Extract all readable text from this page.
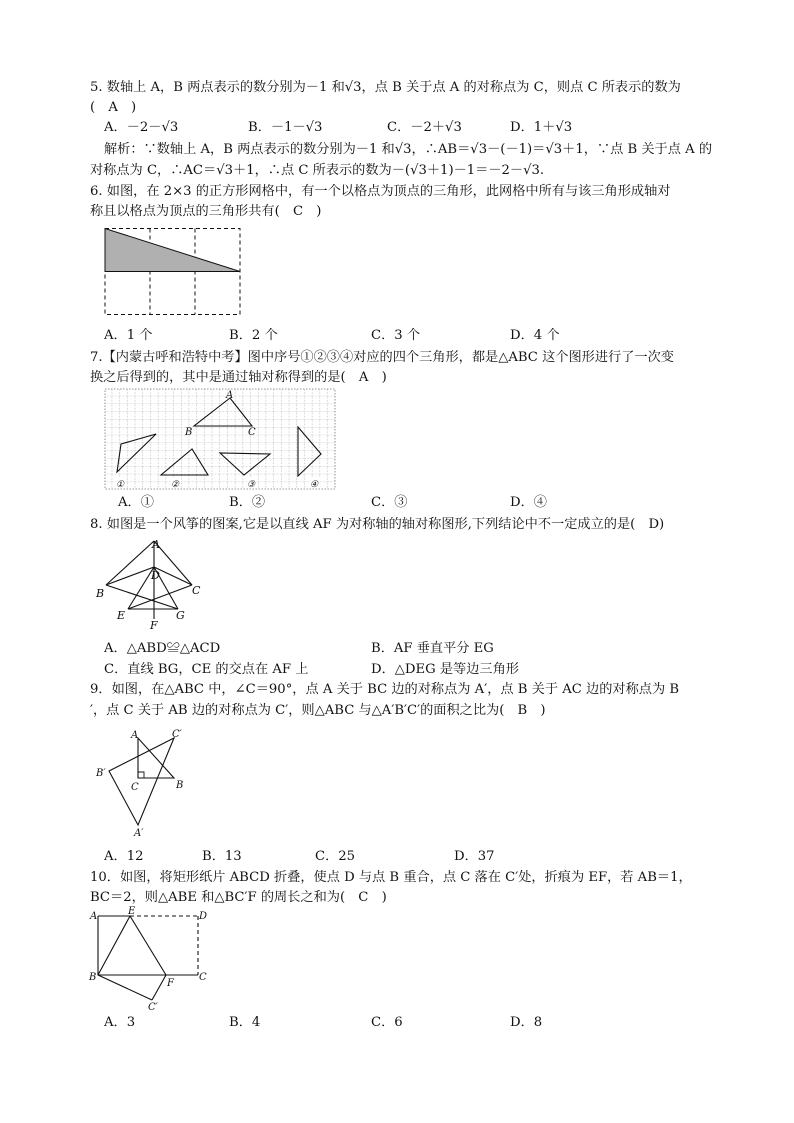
5. 数轴上 A，B 两点表示的数分别为－1 和√3，点 B 关于点 A 的对称点为 C，则点 C 所表示的数为
(　A　)
A．－2－√3	B．－1－√3	C．－2＋√3	D．1＋√3
解析：∵数轴上 A，B 两点表示的数分别为－1 和√3，∴AB＝√3－(－1)＝√3＋1，∵点 B 关于点 A 的
对称点为 C，∴AC＝√3＋1，∴点 C 所表示的数为－(√3＋1)－1＝－2－√3.
6. 如图，在 2×3 的正方形网格中，有一个以格点为顶点的三角形，此网格中所有与该三角形成轴对
称且以格点为顶点的三角形共有(　C　)
A．1 个	B．2 个	C．3 个	D．4 个
7.【内蒙古呼和浩特中考】图中序号①②③④对应的四个三角形，都是△ABC 这个图形进行了一次变
换之后得到的，其中是通过轴对称得到的是(　A　)
A
B	C
①	②	③	④
A．①	B．②	C．③	D．④
8. 如图是一个风筝的图案,它是以直线 AF 为对称轴的轴对称图形,下列结论中不一定成立的是(　D)
A
B	C
D
E
F
G
A．△ABD≌△ACD	B．AF 垂直平分 EG
C．直线 BG，CE 的交点在 AF 上	D．△DEG 是等边三角形
9．如图，在△ABC 中，∠C＝90°，点 A 关于 BC 边的对称点为 A′，点 B 关于 AC 边的对称点为 B
′，点 C 关于 AB 边的对称点为 C′，则△ABC 与△A′B′C′的面积之比为(　B　)
A
B
C
A′
B′
C′
A．12	B．13	C．25	D．37
10．如图，将矩形纸片 ABCD 折叠，使点 D 与点 B 重合，点 C 落在 C′处，折痕为 EF，若 AB＝1，
BC＝2，则△ABE 和△BC′F 的周长之和为(　C　)
A
B	C
D
E
F
C′
A．3	B．4	C．6	D．8
